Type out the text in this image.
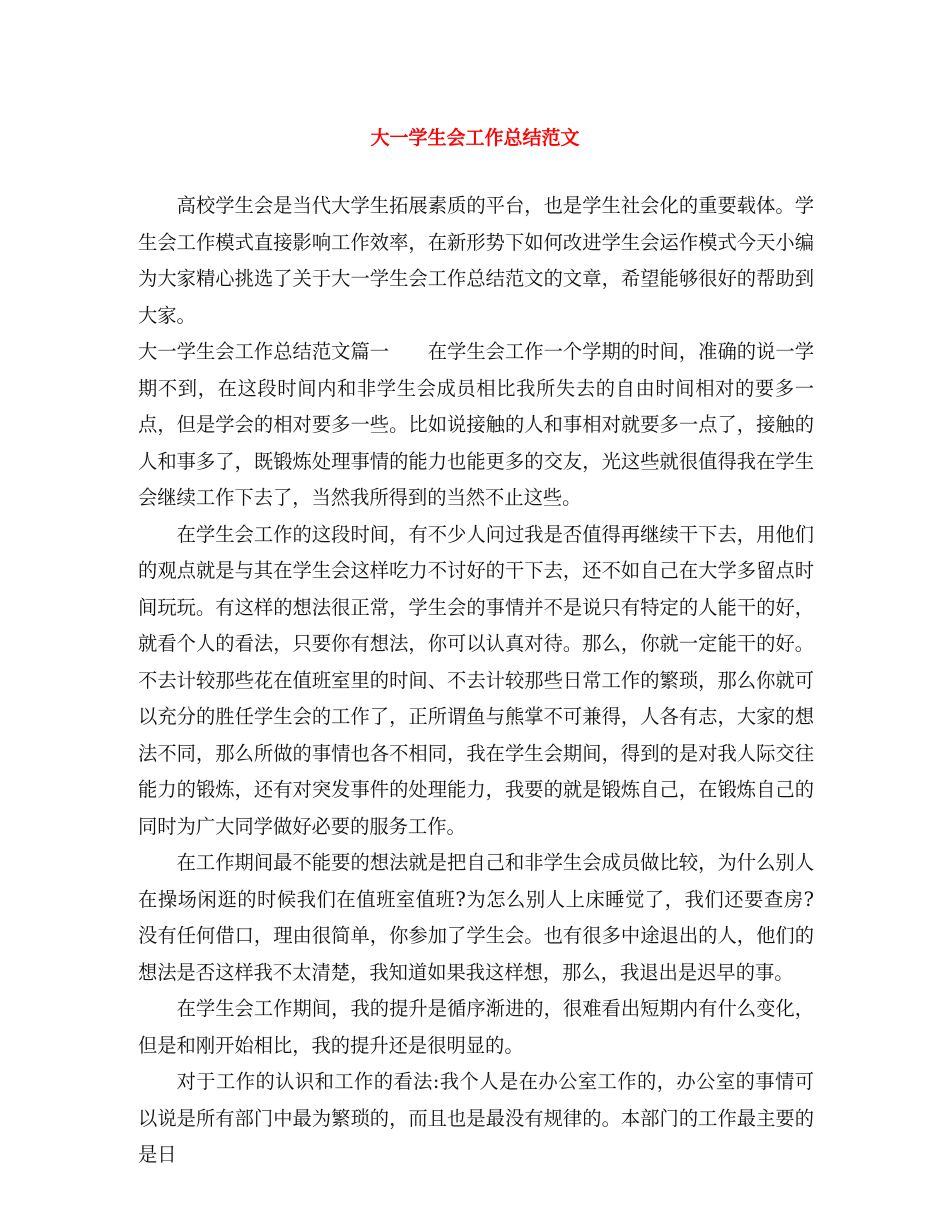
大一学生会工作总结范文

高校学生会是当代大学生拓展素质的平台，也是学生社会化的重要载体。学生会工作模式直接影响工作效率，在新形势下如何改进学生会运作模式今天小编为大家精心挑选了关于大一学生会工作总结范文的文章，希望能够很好的帮助到大家。

大一学生会工作总结范文篇一　　在学生会工作一个学期的时间，准确的说一学期不到，在这段时间内和非学生会成员相比我所失去的自由时间相对的要多一点，但是学会的相对要多一些。比如说接触的人和事相对就要多一点了，接触的人和事多了，既锻炼处理事情的能力也能更多的交友，光这些就很值得我在学生会继续工作下去了，当然我所得到的当然不止这些。

在学生会工作的这段时间，有不少人问过我是否值得再继续干下去，用他们的观点就是与其在学生会这样吃力不讨好的干下去，还不如自己在大学多留点时间玩玩。有这样的想法很正常，学生会的事情并不是说只有特定的人能干的好，就看个人的看法，只要你有想法，你可以认真对待。那么，你就一定能干的好。不去计较那些花在值班室里的时间、不去计较那些日常工作的繁琐，那么你就可以充分的胜任学生会的工作了，正所谓鱼与熊掌不可兼得，人各有志，大家的想法不同，那么所做的事情也各不相同，我在学生会期间，得到的是对我人际交往能力的锻炼，还有对突发事件的处理能力，我要的就是锻炼自己，在锻炼自己的同时为广大同学做好必要的服务工作。

在工作期间最不能要的想法就是把自己和非学生会成员做比较，为什么别人在操场闲逛的时候我们在值班室值班?为怎么别人上床睡觉了，我们还要查房?没有任何借口，理由很简单，你参加了学生会。也有很多中途退出的人，他们的想法是否这样我不太清楚，我知道如果我这样想，那么，我退出是迟早的事。

在学生会工作期间，我的提升是循序渐进的，很难看出短期内有什么变化，但是和刚开始相比，我的提升还是很明显的。

对于工作的认识和工作的看法:我个人是在办公室工作的，办公室的事情可以说是所有部门中最为繁琐的，而且也是最没有规律的。本部门的工作最主要的是日
